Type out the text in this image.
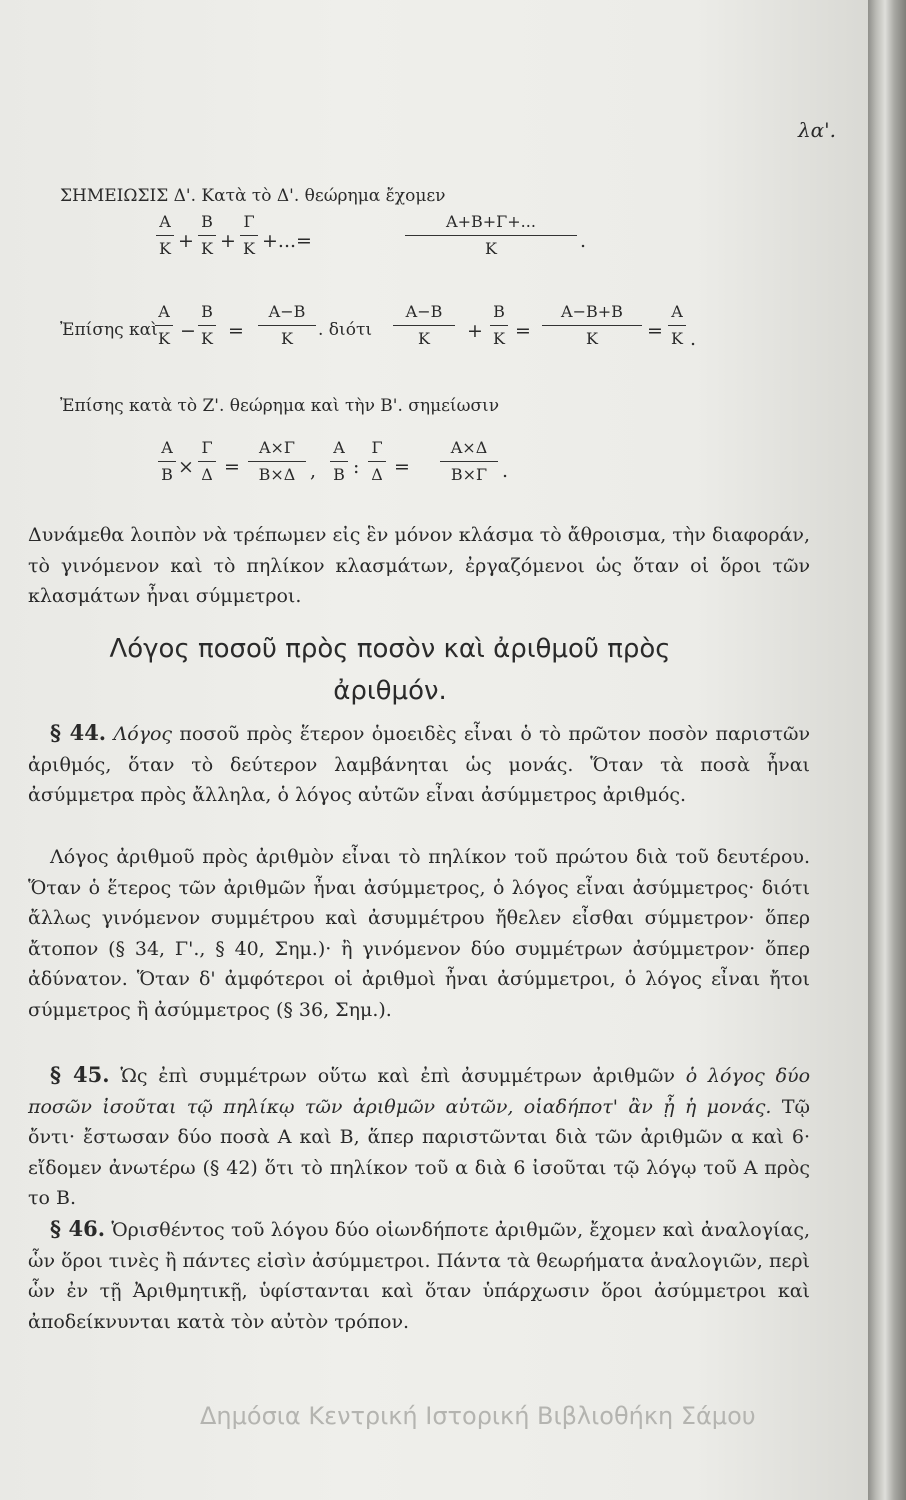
λα'.
ΣΗΜΕΙΩΣΙΣ Δ'. Κατὰ τὸ Δ'. θεώρημα ἔχομεν
Α
Κ +
Β
Κ +
Γ
Κ +...=
Α+Β+Γ+...
Κ	.
Ἐπίσης καὶ
Α
Κ −
Β
Κ =
Α−Β
Κ	. διότι
Α−Β
Κ	+
Β
Κ =
Α−Β+Β
Κ	=
Α
Κ .
Ἐπίσης κατὰ τὸ Ζ'. θεώρημα καὶ τὴν Β'. σημείωσιν
Α
Β ×
Γ
Δ =
Α×Γ
Β×Δ ,
Α
Β :
Γ
Δ =
Α×Δ
Β×Γ .

Δυνάμεθα λοιπὸν νὰ τρέπωμεν εἰς ἓν μόνον κλάσμα τὸ ἄθροισμα, τὴν διαφοράν, τὸ γινόμενον καὶ τὸ πηλίκον κλασμάτων, ἐργαζόμενοι ὡς ὅταν οἱ ὅροι τῶν κλασμάτων ἦναι σύμμετροι.

Λόγος ποσοῦ πρὸς ποσὸν καὶ ἀριθμοῦ πρὸς
ἀριθμόν.

§ 44. Λόγος ποσοῦ πρὸς ἕτερον ὁμοειδὲς εἶναι ὁ τὸ πρῶτον ποσὸν παριστῶν ἀριθμός, ὅταν τὸ δεύτερον λαμβάνηται ὡς μονάς. Ὅταν τὰ ποσὰ ἦναι ἀσύμμετρα πρὸς ἄλληλα, ὁ λόγος αὐτῶν εἶναι ἀσύμμετρος ἀριθμός.

Λόγος ἀριθμοῦ πρὸς ἀριθμὸν εἶναι τὸ πηλίκον τοῦ πρώτου διὰ τοῦ δευτέρου. Ὅταν ὁ ἕτερος τῶν ἀριθμῶν ἦναι ἀσύμμετρος, ὁ λόγος εἶναι ἀσύμμετρος· διότι ἄλλως γινόμενον συμμέτρου καὶ ἀσυμμέτρου ἤθελεν εἶσθαι σύμμετρον· ὅπερ ἄτοπον (§ 34, Γ'., § 40, Σημ.)· ἢ γινόμενον δύο συμμέτρων ἀσύμμετρον· ὅπερ ἀδύνατον. Ὅταν δ' ἀμφότεροι οἱ ἀριθμοὶ ἦναι ἀσύμμετροι, ὁ λόγος εἶναι ἤτοι σύμμετρος ἢ ἀσύμμετρος (§ 36, Σημ.).

§ 45. Ὡς ἐπὶ συμμέτρων οὕτω καὶ ἐπὶ ἀσυμμέτρων ἀριθμῶν ὁ λόγος δύο ποσῶν ἰσοῦται τῷ πηλίκῳ τῶν ἀριθμῶν αὐτῶν, οἱαδήποτ' ἂν ᾖ ἡ μονάς. Τῷ ὄντι· ἔστωσαν δύο ποσὰ Α καὶ Β, ἅπερ παριστῶνται διὰ τῶν ἀριθμῶν α καὶ 6· εἴδομεν ἀνωτέρω (§ 42) ὅτι τὸ πηλίκον τοῦ α διὰ 6 ἰσοῦται τῷ λόγῳ τοῦ Α πρὸς το Β.

§ 46. Ὁρισθέντος τοῦ λόγου δύο οἱωνδήποτε ἀριθμῶν, ἔχομεν καὶ ἀναλογίας, ὧν ὅροι τινὲς ἢ πάντες εἰσὶν ἀσύμμετροι. Πάντα τὰ θεωρήματα ἀναλογιῶν, περὶ ὧν ἐν τῇ Ἀριθμητικῇ, ὑφίστανται καὶ ὅταν ὑπάρχωσιν ὅροι ἀσύμμετροι καὶ ἀποδείκνυνται κατὰ τὸν αὐτὸν τρόπον.

Δημόσια Κεντρική Ιστορική Βιβλιοθήκη Σάμου
